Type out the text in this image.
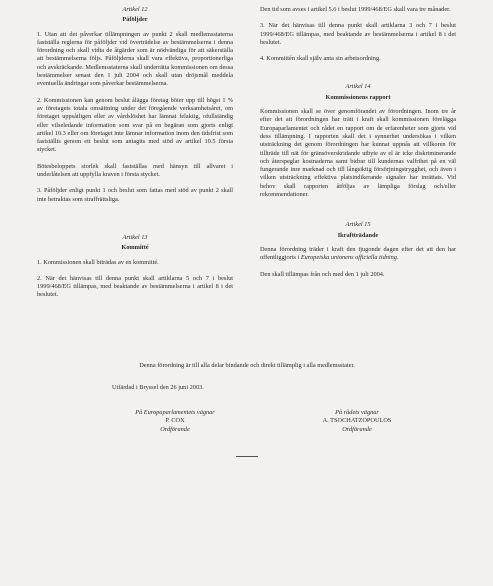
Artikel 12
Påföljder

1. Utan att det påverkar tillämpningen av punkt 2 skall medlemsstaterna fastställa reglerna för påföljder vid överträdelse av bestämmelserna i denna förordning och skall vidta de åtgärder som är nödvändiga för att säkerställa att bestämmelserna följs. Påföljderna skall vara effektiva, proportionerliga och avskräckande. Medlemsstaterna skall underrätta kommissionen om dessa bestämmelser senast den 1 juli 2004 och skall utan dröjsmål meddela eventuella ändringar som påverkar bestämmelserna.

2. Kommissionen kan genom beslut ålägga företag böter upp till högst 1 % av företagets totala omsättning under det föregående verksamhetsåret, om företaget uppsåtligen eller av vårdslöshet har lämnat felaktig, ofullständig eller vilseledande information som svar på en begäran som gjorts enligt artikel 10.3 eller om företaget inte lämnar information inom den tidsfrist som fastställts genom ett beslut som antagits med stöd av artikel 10.5 första stycket.

Bötesbeloppets storlek skall fastställas med hänsyn till allvaret i underlåtelsen att uppfylla kraven i första stycket.

3. Påföljder enligt punkt 1 och beslut som fattas med stöd av punkt 2 skall inte betraktas som straffrättsliga.

Artikel 13
Kommitté

1. Kommissionen skall biträdas av en kommitté.

2. När det hänvisas till denna punkt skall artiklarna 5 och 7 i beslut 1999/468/EG tillämpas, med beaktande av bestämmelserna i artikel 8 i det beslutet.

Den tid som avses i artikel 5.6 i beslut 1999/468/EG skall vara tre månader.

3. När det hänvisas till denna punkt skall artiklarna 3 och 7 i beslut 1999/468/EG tillämpas, med beaktande av bestämmelserna i artikel 8 i det beslutet.

4. Kommittén skall själv anta sin arbetsordning.

Artikel 14
Kommissionens rapport

Kommissionen skall se över genomförandet av förordningen. Inom tre år efter det att förordningen har trätt i kraft skall kommissionen förelägga Europaparlamentet och rådet en rapport om de erfarenheter som gjorts vid dess tillämpning. I rapporten skall det i synnerhet undersökas i vilken utsträckning det genom förordningen har kunnat uppnås att villkoren för tillträde till nät för gränsöverskridande utbyte av el är icke diskriminerande och återspeglar kostnaderna samt bidrar till kundernas valfrihet på en väl fungerande inre marknad och till långsiktig försörjningstrygghet, och även i vilken utsträckning effektiva platsindikerande signaler har inrättats. Vid behov skall rapporten åtföljas av lämpliga förslag och/eller rekommendationer.

Artikel 15
Ikraftträdande

Denna förordning träder i kraft den tjugonde dagen efter det att den har offentliggjorts i Europeiska unionens officiella tidning.

Den skall tillämpas från och med den 1 juli 2004.

Denna förordning är till alla delar bindande och direkt tillämplig i alla medlemsstater.
Utfärdad i Bryssel den 26 juni 2003.
På Europaparlamentets vägnar
P. COX
Ordförande
På rådets vägnar
A. TSOCHATZOPOULOS
Ordförande
